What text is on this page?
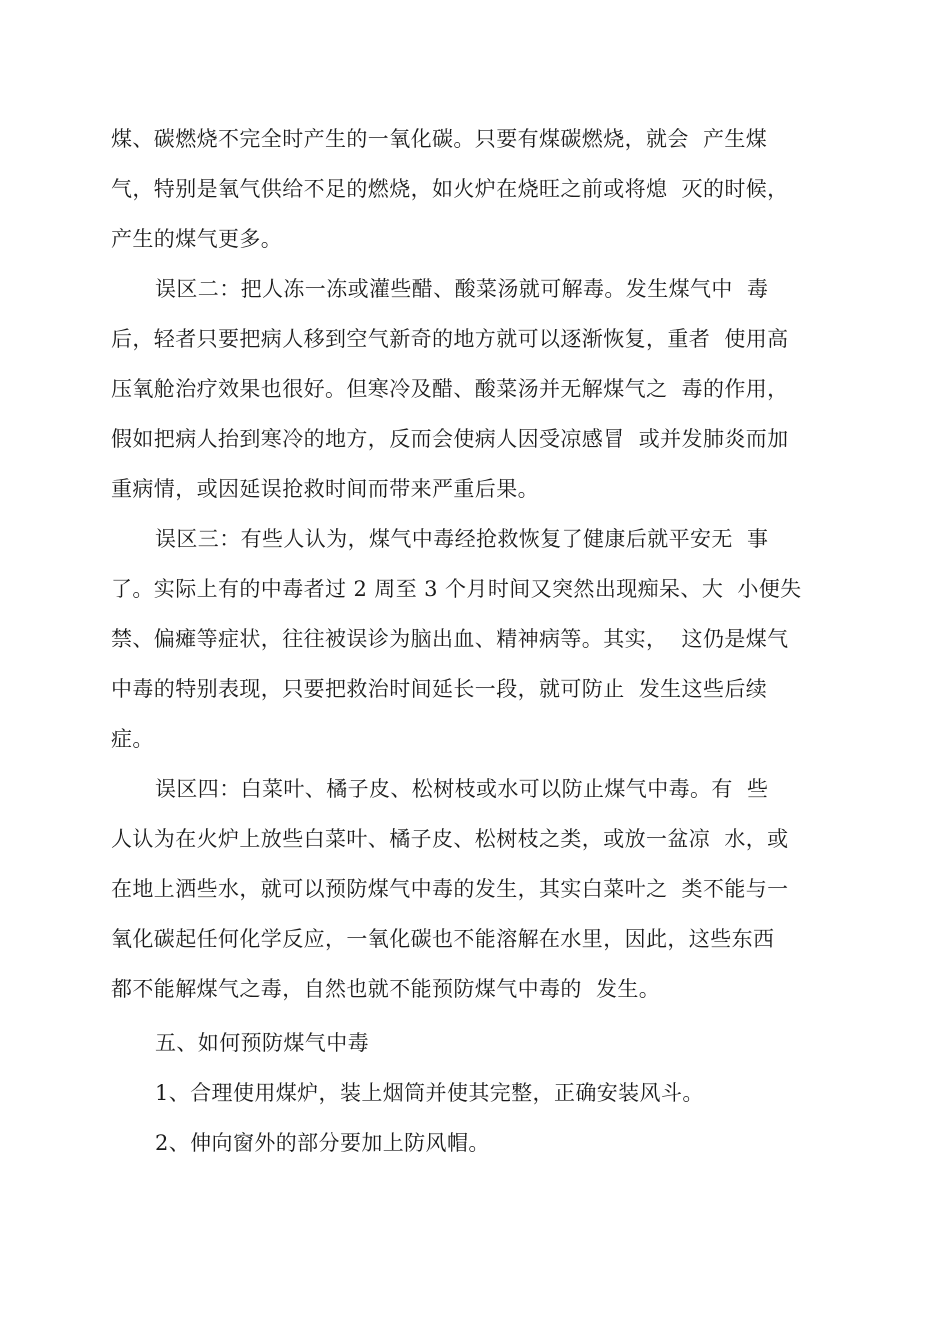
煤、碳燃烧不完全时产生的一氧化碳。只要有煤碳燃烧，就会  产生煤
气，特别是氧气供给不足的燃烧，如火炉在烧旺之前或将熄  灭的时候，
产生的煤气更多。
误区二：把人冻一冻或灌些醋、酸菜汤就可解毒。发生煤气中  毒
后，轻者只要把病人移到空气新奇的地方就可以逐渐恢复，重者  使用高
压氧舱治疗效果也很好。但寒冷及醋、酸菜汤并无解煤气之  毒的作用，
假如把病人抬到寒冷的地方，反而会使病人因受凉感冒  或并发肺炎而加
重病情，或因延误抢救时间而带来严重后果。
误区三：有些人认为，煤气中毒经抢救恢复了健康后就平安无  事
了。实际上有的中毒者过 2 周至 3 个月时间又突然出现痴呆、大  小便失
禁、偏瘫等症状，往往被误诊为脑出血、精神病等。其实，  这仍是煤气
中毒的特别表现，只要把救治时间延长一段，就可防止  发生这些后续
症。
误区四：白菜叶、橘子皮、松树枝或水可以防止煤气中毒。有  些
人认为在火炉上放些白菜叶、橘子皮、松树枝之类，或放一盆凉  水，或
在地上洒些水，就可以预防煤气中毒的发生，其实白菜叶之  类不能与一
氧化碳起任何化学反应，一氧化碳也不能溶解在水里，因此，这些东西
都不能解煤气之毒，自然也就不能预防煤气中毒的  发生。
五、如何预防煤气中毒
1、合理使用煤炉，装上烟筒并使其完整，正确安装风斗。
2、伸向窗外的部分要加上防风帽。
